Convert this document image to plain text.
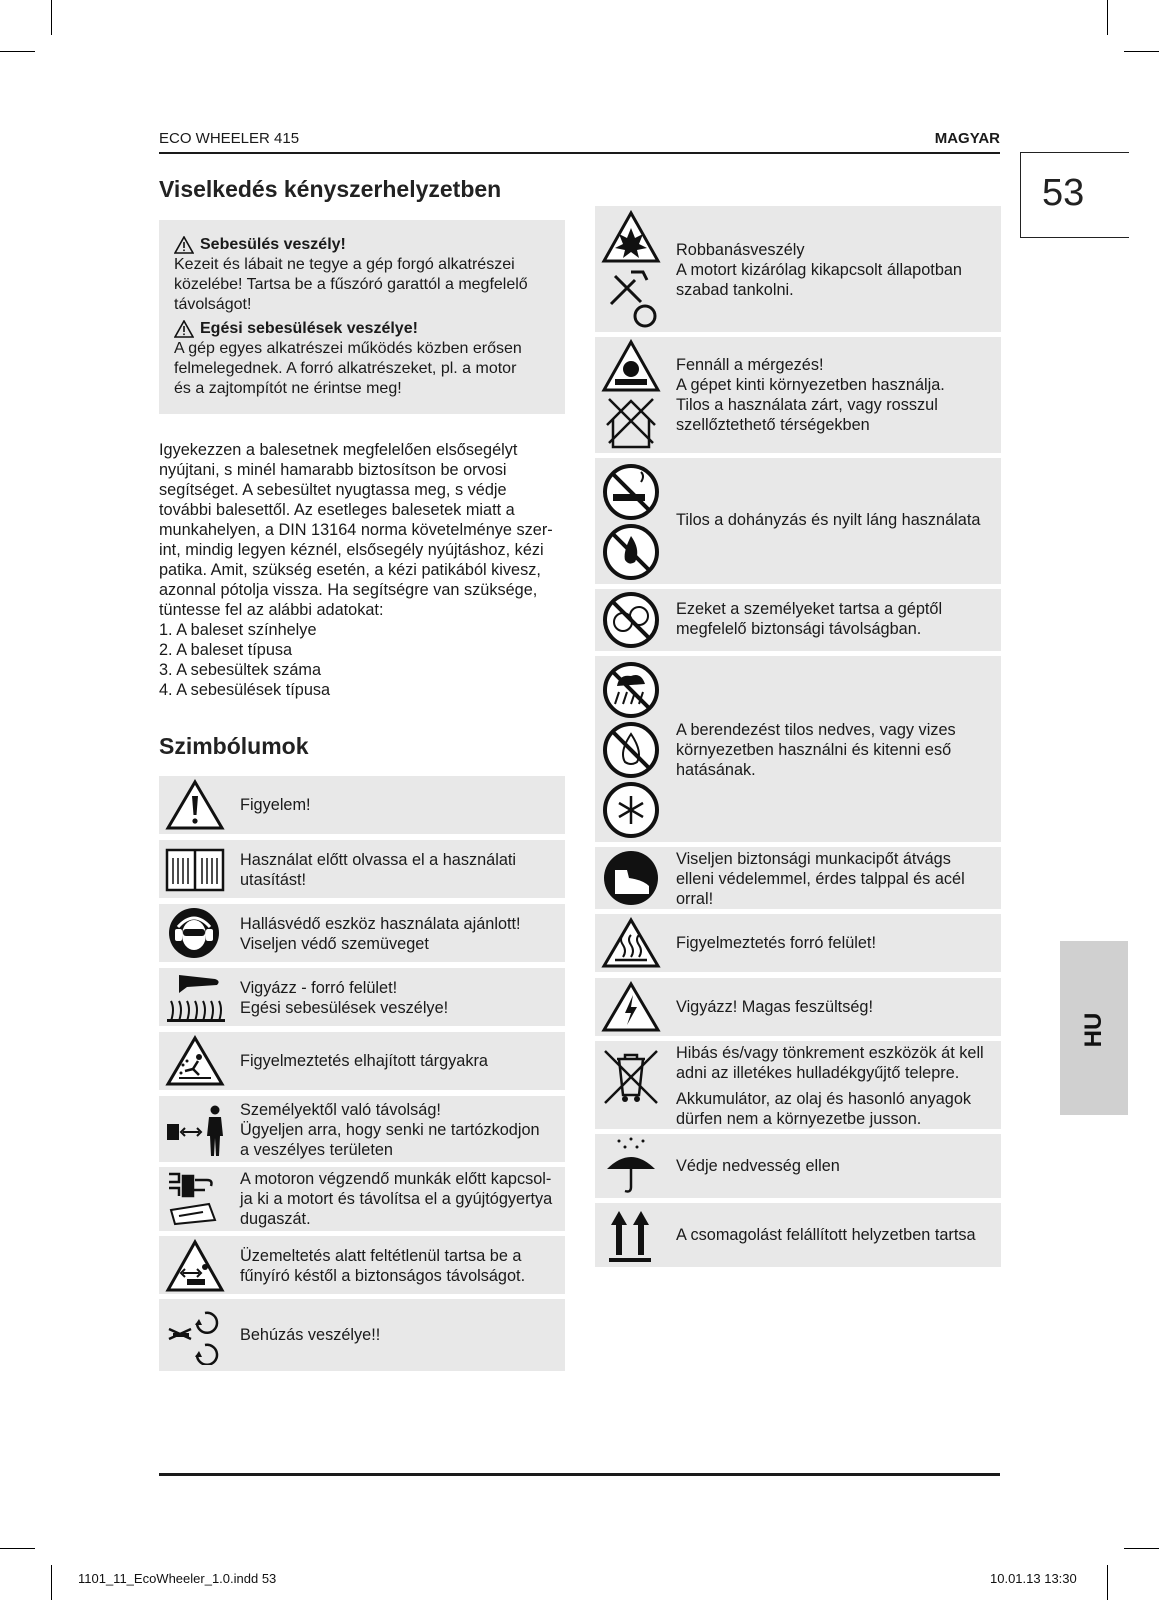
ECO WHEELER 415	MAGYAR
53
HU
Viselkedés kényszerhelyzetben
Sebesülés veszély!
Kezeit és lábait ne tegye a gép forgó alkatrészei
közelébe! Tartsa be a fűszóró garattól a megfelelő
távolságot!
Egési sebesülések veszélye!
A gép egyes alkatrészei működés közben erősen
felmelegednek. A forró alkatrészeket, pl. a motor
és a zajtompítót ne érintse meg!

Igyekezzen a balesetnek megfelelően elsősegélyt

nyújtani, s minél hamarabb biztosítson be orvosi

segítséget. A sebesültet nyugtassa meg, s védje

további balesettől. Az esetleges balesetek miatt a

munkahelyen, a DIN 13164 norma követelménye szer-

int, mindig legyen kéznél, elsősegély nyújtáshoz, kézi

patika. Amit, szükség esetén, a kézi patikából kivesz,

azonnal pótolja vissza. Ha segítségre van szüksége,

tüntesse fel az alábbi adatokat:

1. A baleset színhelye
2. A baleset típusa
3. A sebesültek száma
4. A sebesülések típusa
Szimbólumok
Figyelem!
Használat előtt olvassa el a használati
utasítást!
Hallásvédő eszköz használata ajánlott!
Viseljen védő szemüveget
Vigyázz - forró felület!
Egési sebesülések veszélye!
Figyelmeztetés elhajított tárgyakra
Személyektől való távolság!
Ügyeljen arra, hogy senki ne tartózkodjon
a veszélyes területen
A motoron végzendő munkák előtt kapcsol-
ja ki a motort és távolítsa el a gyújtógyertya
dugaszát.
Üzemeltetés alatt feltétlenül tartsa be a
fűnyíró késtől a biztonságos távolságot.
Behúzás veszélye!!
Robbanásveszély
A motort kizárólag kikapcsolt állapotban
szabad tankolni.
Fennáll a mérgezés!
A gépet kinti környezetben használja.
Tilos a használata zárt, vagy rosszul
szellőztethető térségekben
Tilos a dohányzás és nyilt láng használata
Ezeket a személyeket tartsa a géptől
megfelelő biztonsági távolságban.
A berendezést tilos nedves, vagy vizes
környezetben használni és kitenni eső
hatásának.
Viseljen biztonsági munkacipőt átvágs
elleni védelemmel, érdes talppal és acél
orral!
Figyelmeztetés forró felület!
Vigyázz! Magas feszültség!
Hibás és/vagy tönkrement eszközök át kell
adni az illetékes hulladékgyűjtő telepre.
Akkumulátor, az olaj és hasonló anyagok
dürfen nem a környezetbe jusson.
Védje nedvesség ellen
A csomagolást felállított helyzetben tartsa
1101_11_EcoWheeler_1.0.indd 53	10.01.13 13:30
